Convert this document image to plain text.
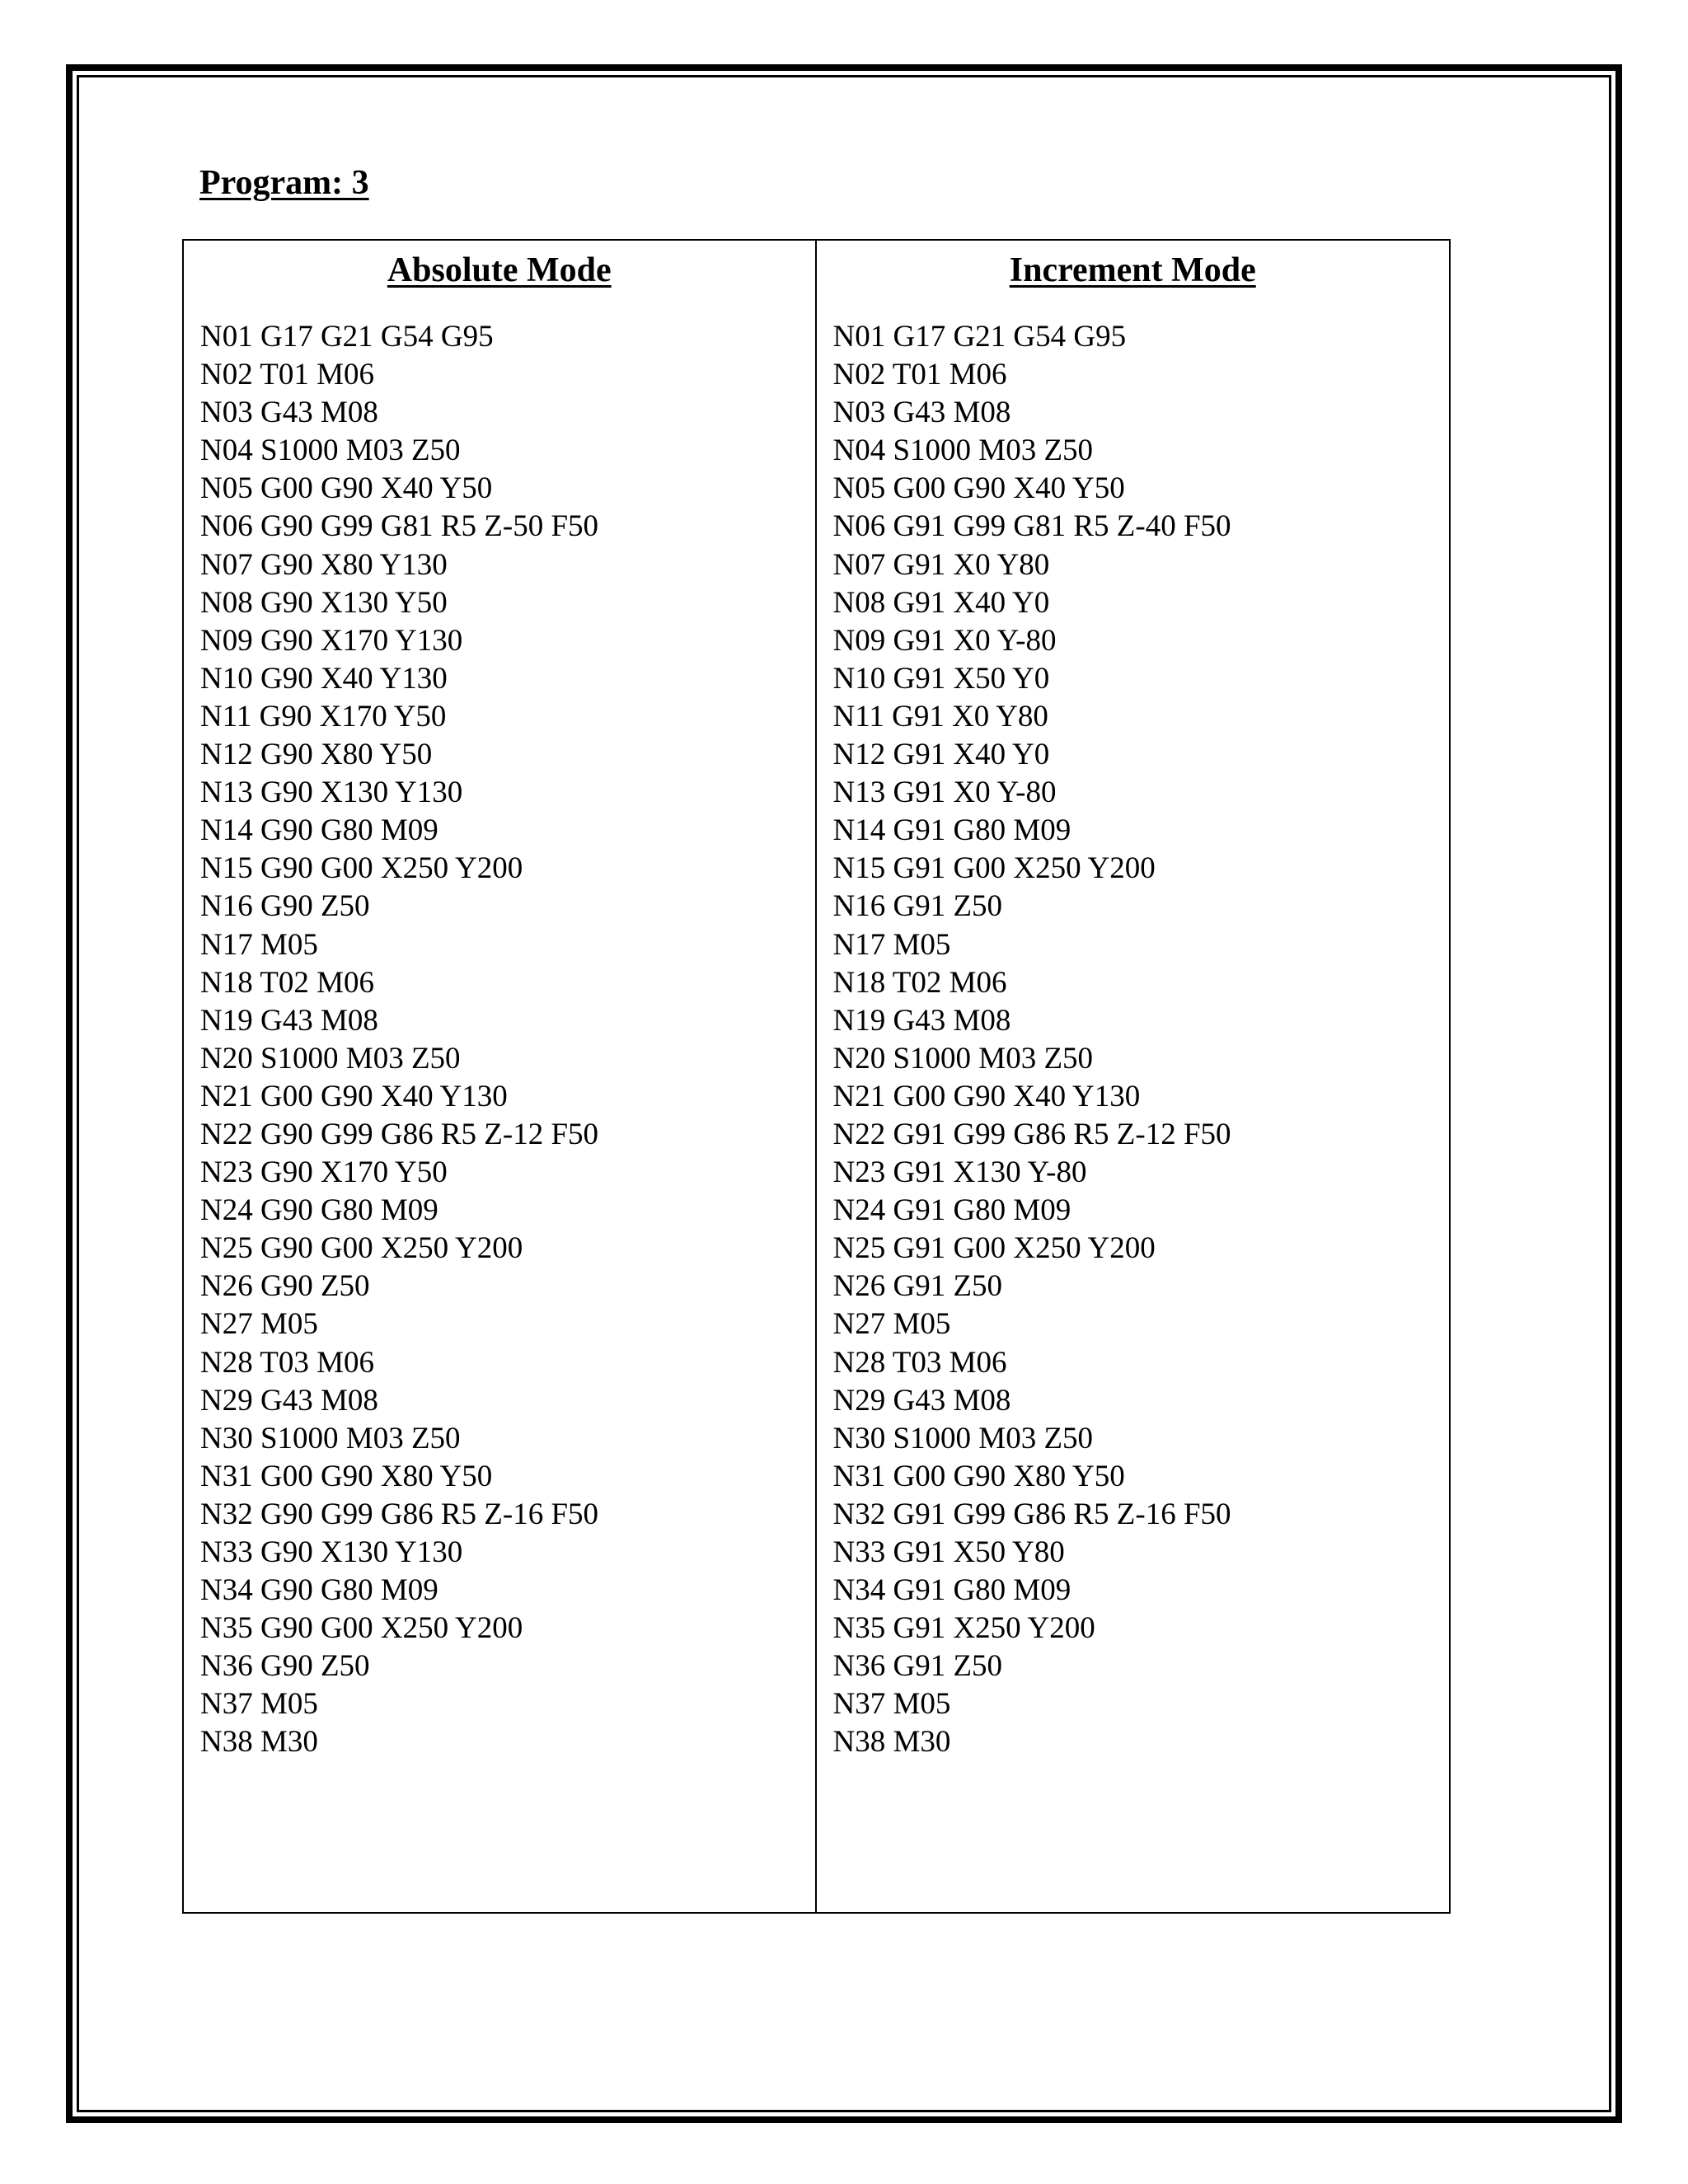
Program: 3
Absolute Mode
N01 G17 G21 G54 G95
N02 T01 M06
N03 G43 M08
N04 S1000 M03 Z50
N05 G00 G90 X40 Y50
N06 G90 G99 G81 R5 Z-50 F50
N07 G90 X80 Y130
N08 G90 X130 Y50
N09 G90 X170 Y130
N10 G90 X40 Y130
N11 G90 X170 Y50
N12 G90 X80 Y50
N13 G90 X130 Y130
N14 G90 G80 M09
N15 G90 G00 X250 Y200
N16 G90 Z50
N17 M05
N18 T02 M06
N19 G43 M08
N20 S1000 M03 Z50
N21 G00 G90 X40 Y130
N22 G90 G99 G86 R5 Z-12 F50
N23 G90 X170 Y50
N24 G90 G80 M09
N25 G90 G00 X250 Y200
N26 G90 Z50
N27 M05
N28 T03 M06
N29 G43 M08
N30 S1000 M03 Z50
N31 G00 G90 X80 Y50
N32 G90 G99 G86 R5 Z-16 F50
N33 G90 X130 Y130
N34 G90 G80 M09
N35 G90 G00 X250 Y200
N36 G90 Z50
N37 M05
N38 M30
Increment Mode
N01 G17 G21 G54 G95
N02 T01 M06
N03 G43 M08
N04 S1000 M03 Z50
N05 G00 G90 X40 Y50
N06 G91 G99 G81 R5 Z-40 F50
N07 G91 X0 Y80
N08 G91 X40 Y0
N09 G91 X0 Y-80
N10 G91 X50 Y0
N11 G91 X0 Y80
N12 G91 X40 Y0
N13 G91 X0 Y-80
N14 G91 G80 M09
N15 G91 G00 X250 Y200
N16 G91 Z50
N17 M05
N18 T02 M06
N19 G43 M08
N20 S1000 M03 Z50
N21 G00 G90 X40 Y130
N22 G91 G99 G86 R5 Z-12 F50
N23 G91 X130 Y-80
N24 G91 G80 M09
N25 G91 G00 X250 Y200
N26 G91 Z50
N27 M05
N28 T03 M06
N29 G43 M08
N30 S1000 M03 Z50
N31 G00 G90 X80 Y50
N32 G91 G99 G86 R5 Z-16 F50
N33 G91 X50 Y80
N34 G91 G80 M09
N35 G91 X250 Y200
N36 G91 Z50
N37 M05
N38 M30
